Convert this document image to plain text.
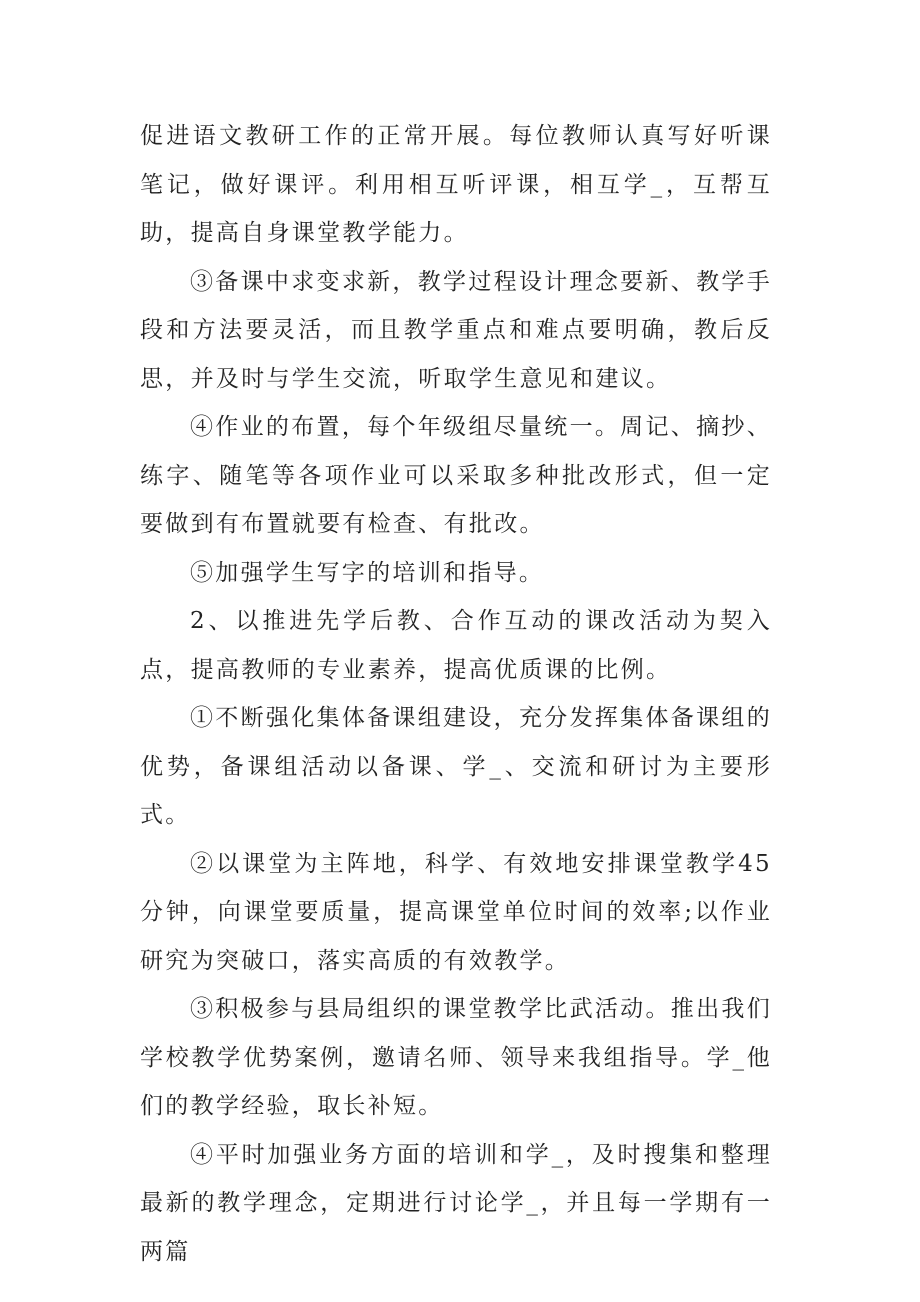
促进语文教研工作的正常开展。每位教师认真写好听课笔记，做好课评。利用相互听评课，相互学_，互帮互助，提高自身课堂教学能力。

③备课中求变求新，教学过程设计理念要新、教学手段和方法要灵活，而且教学重点和难点要明确，教后反思，并及时与学生交流，听取学生意见和建议。

④作业的布置，每个年级组尽量统一。周记、摘抄、练字、随笔等各项作业可以采取多种批改形式，但一定要做到有布置就要有检查、有批改。

⑤加强学生写字的培训和指导。

2、以推进先学后教、合作互动的课改活动为契入点，提高教师的专业素养，提高优质课的比例。

①不断强化集体备课组建设，充分发挥集体备课组的优势，备课组活动以备课、学_、交流和研讨为主要形式。

②以课堂为主阵地，科学、有效地安排课堂教学45分钟，向课堂要质量，提高课堂单位时间的效率;以作业研究为突破口，落实高质的有效教学。

③积极参与县局组织的课堂教学比武活动。推出我们学校教学优势案例，邀请名师、领导来我组指导。学_他们的教学经验，取长补短。

④平时加强业务方面的培训和学_，及时搜集和整理最新的教学理念，定期进行讨论学_，并且每一学期有一两篇
